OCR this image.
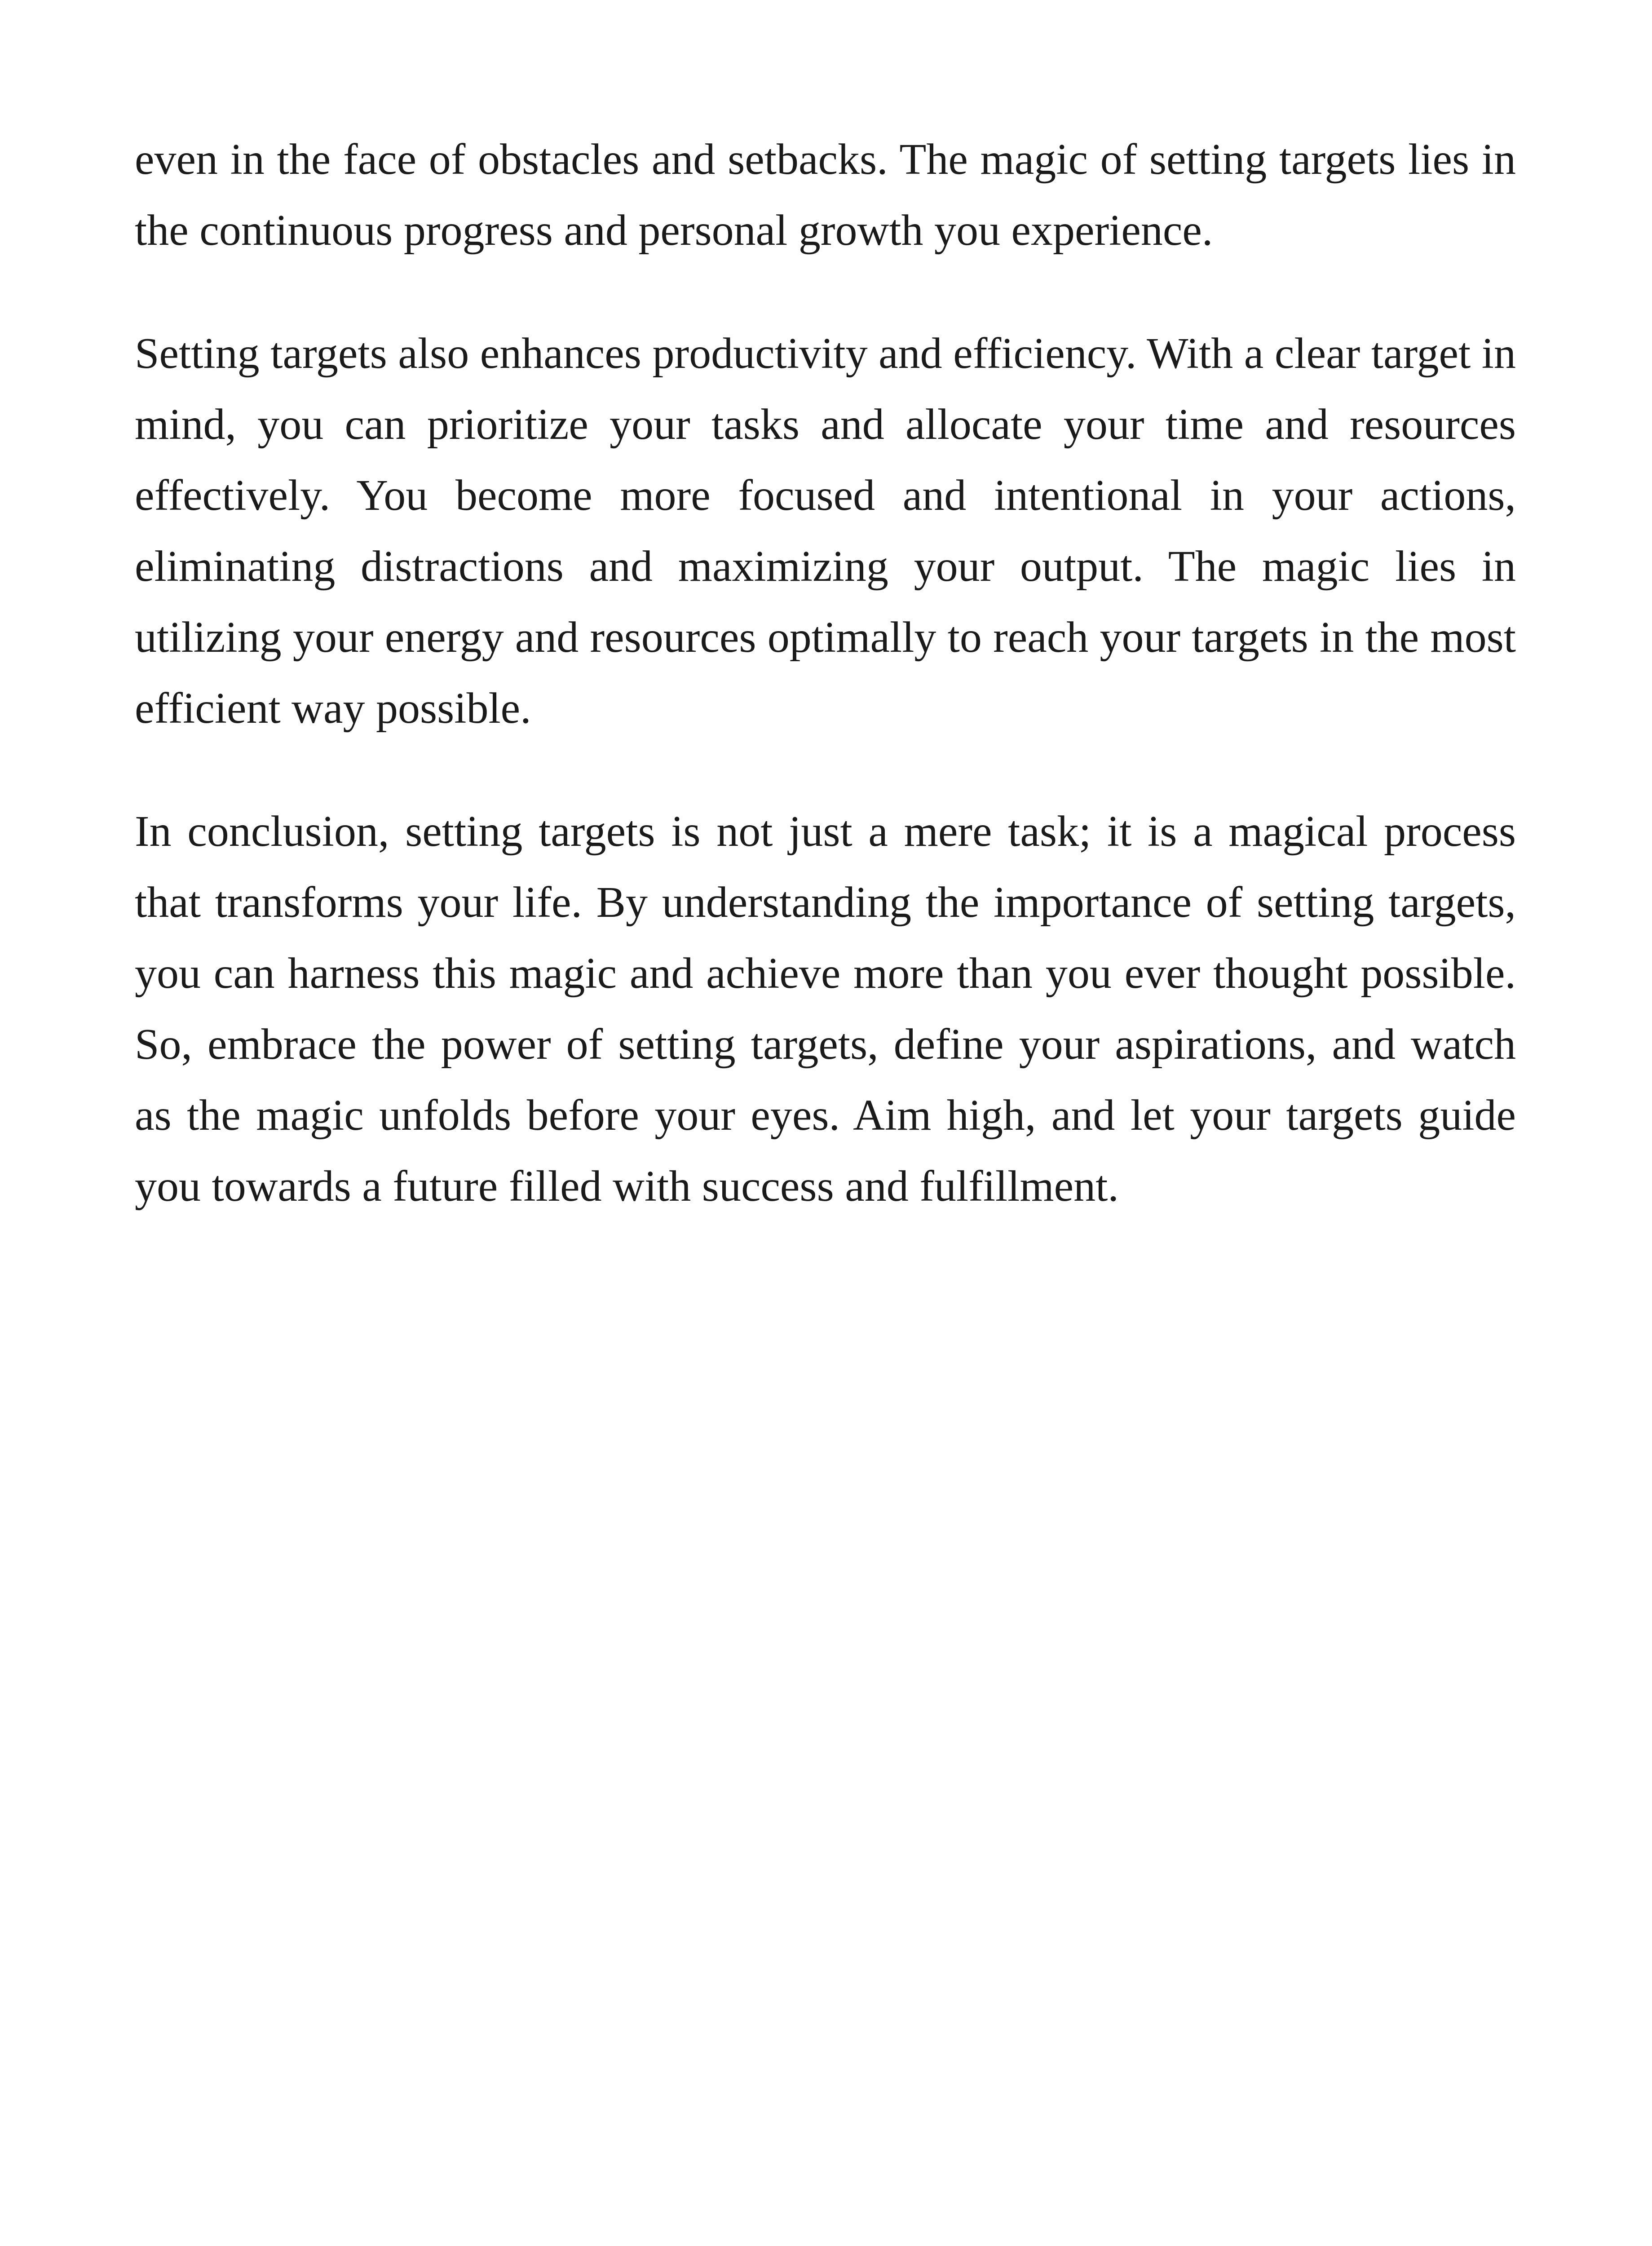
even in the face of obstacles and setbacks. The magic of setting targets lies in the continuous progress and personal growth you experience.

Setting targets also enhances productivity and efficiency. With a clear target in mind, you can prioritize your tasks and allocate your time and resources effectively. You become more focused and intentional in your actions, eliminating distractions and maximizing your output. The magic lies in utilizing your energy and resources optimally to reach your targets in the most efficient way possible.

In conclusion, setting targets is not just a mere task; it is a magical process that transforms your life. By understanding the importance of setting targets, you can harness this magic and achieve more than you ever thought possible. So, embrace the power of setting targets, define your aspirations, and watch as the magic unfolds before your eyes. Aim high, and let your targets guide you towards a future filled with success and fulfillment.
